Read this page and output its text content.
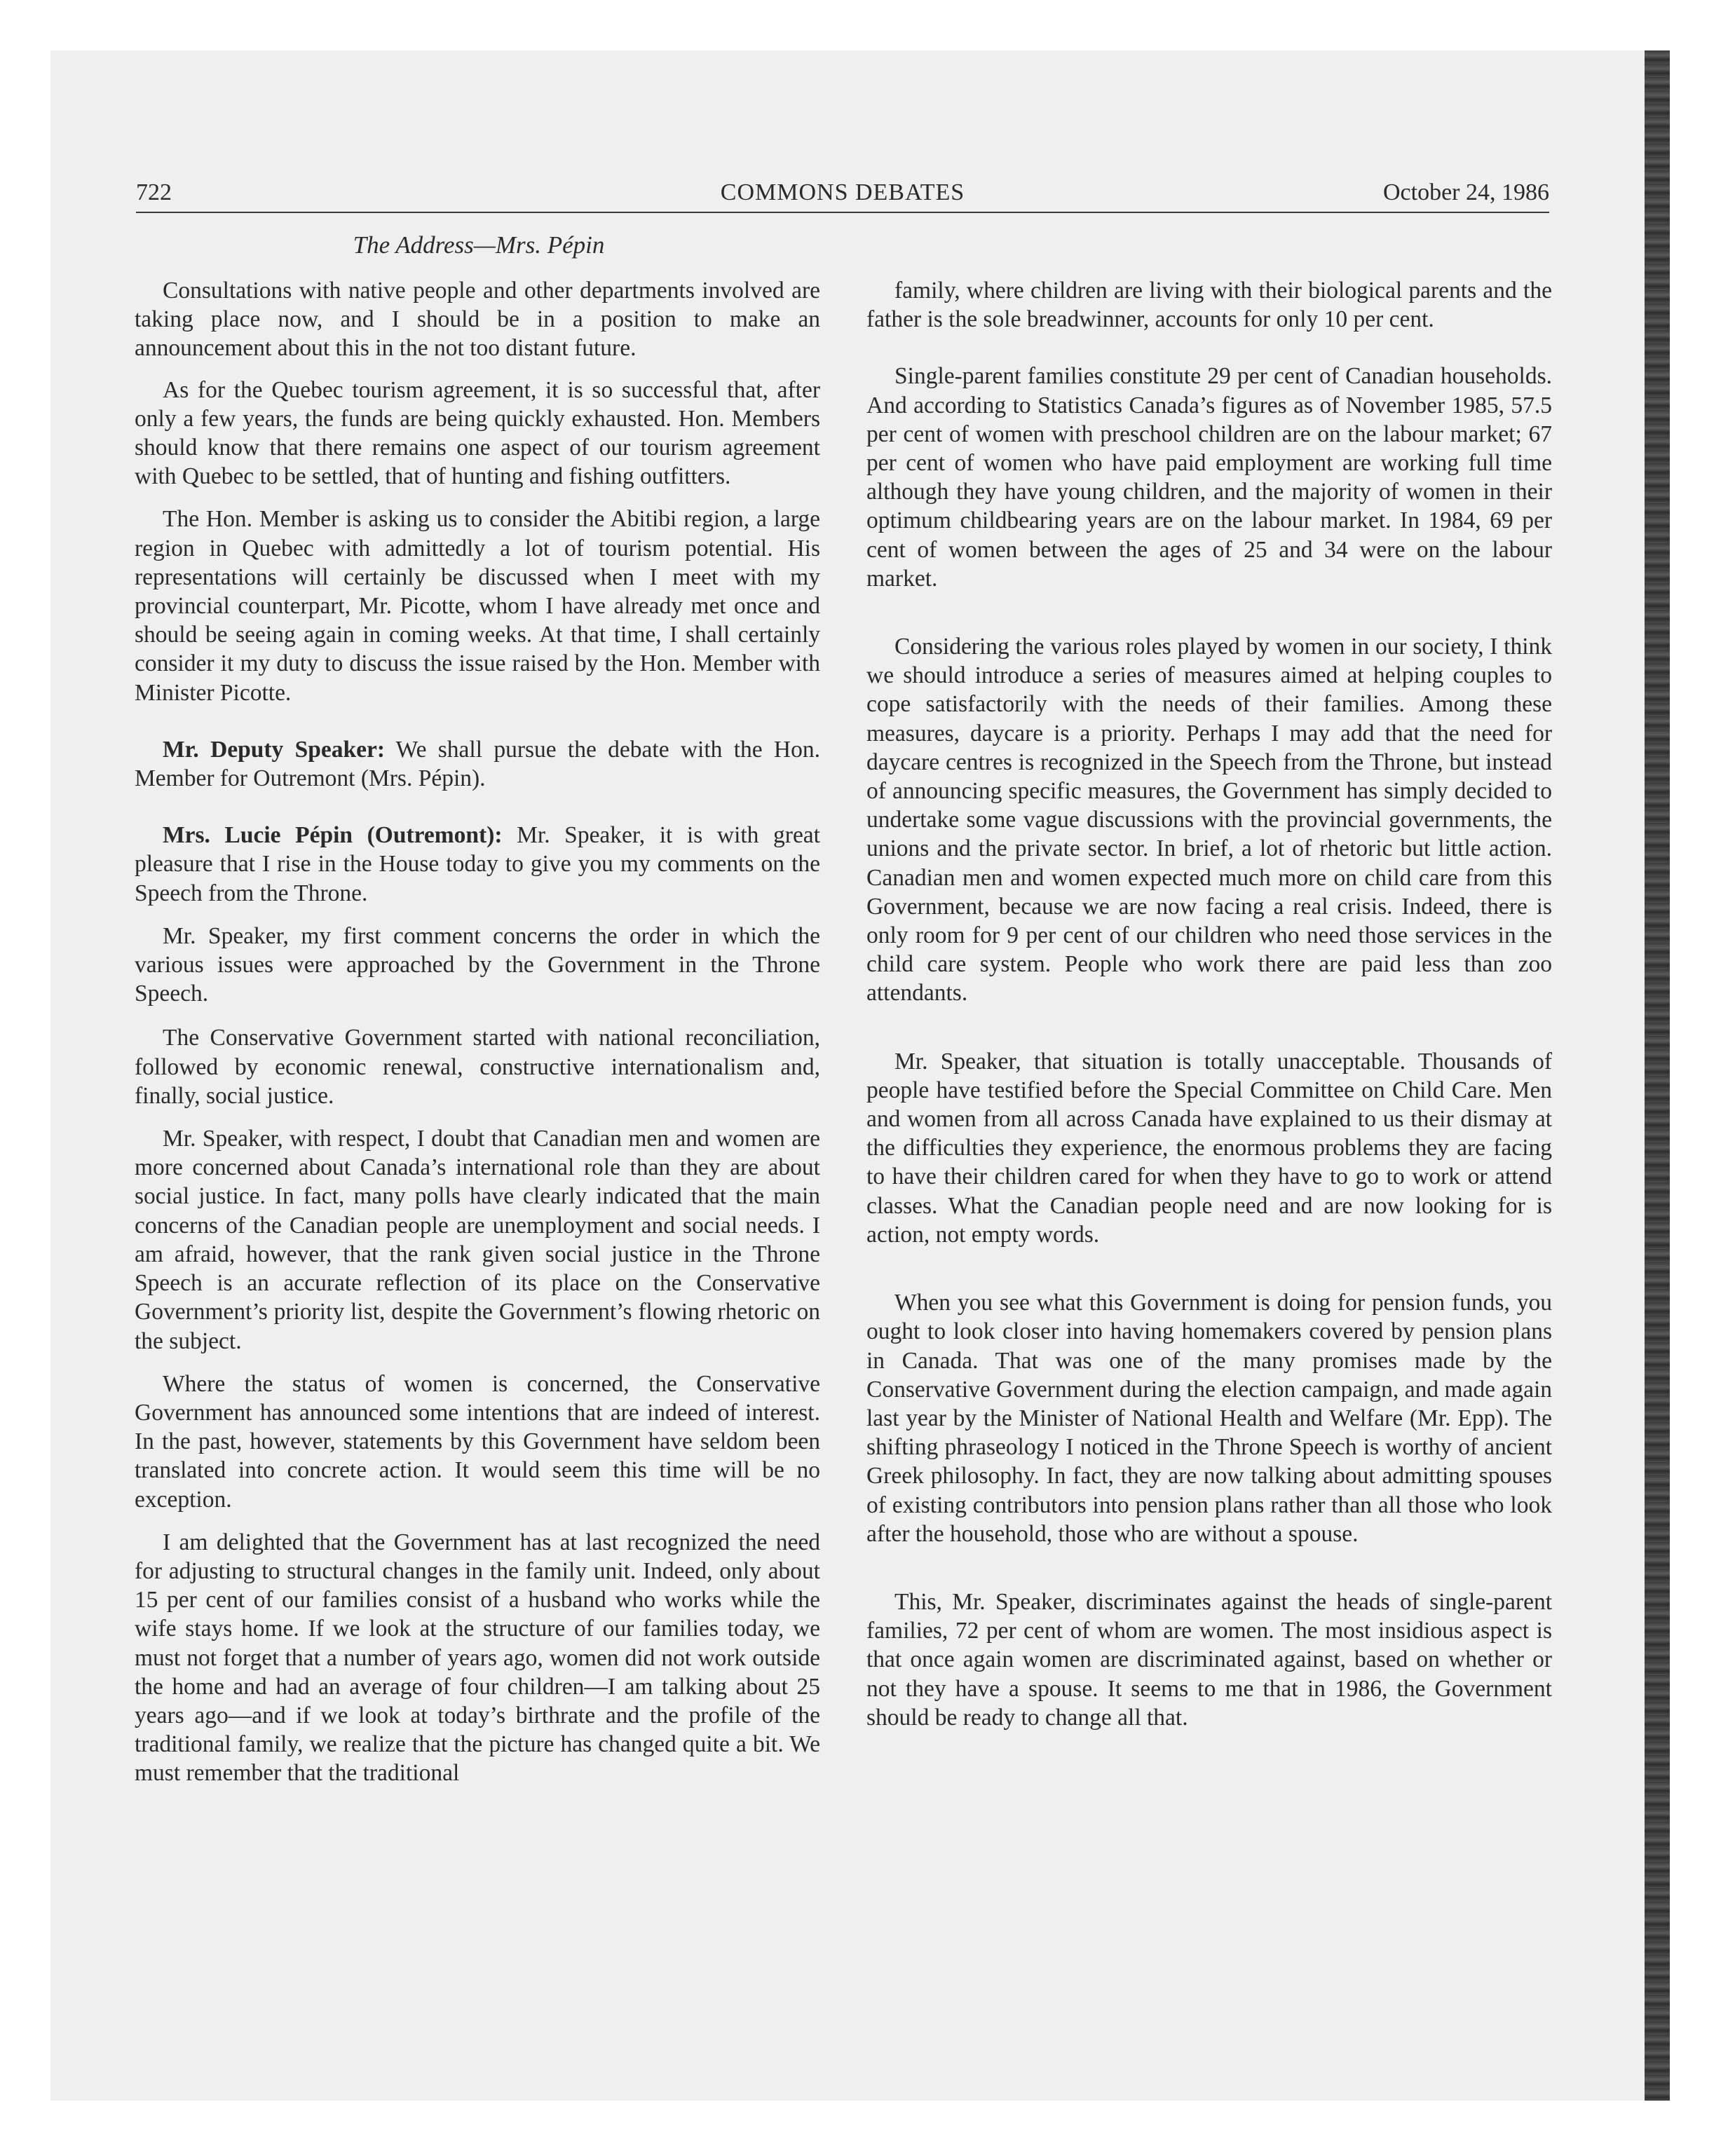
COMMONS DEBATES
722	October 24, 1986
The Address—Mrs. Pépin

Consultations with native people and other departments involved are taking place now, and I should be in a position to make an announcement about this in the not too distant future.

As for the Quebec tourism agreement, it is so successful that, after only a few years, the funds are being quickly exhausted. Hon. Members should know that there remains one aspect of our tourism agreement with Quebec to be settled, that of hunting and fishing outfitters.

The Hon. Member is asking us to consider the Abitibi region, a large region in Quebec with admittedly a lot of tourism potential. His representations will certainly be discussed when I meet with my provincial counterpart, Mr. Picotte, whom I have already met once and should be seeing again in coming weeks. At that time, I shall certainly consider it my duty to discuss the issue raised by the Hon. Member with Minister Picotte.

Mr. Deputy Speaker: We shall pursue the debate with the Hon. Member for Outremont (Mrs. Pépin).

Mrs. Lucie Pépin (Outremont): Mr. Speaker, it is with great pleasure that I rise in the House today to give you my comments on the Speech from the Throne.

Mr. Speaker, my first comment concerns the order in which the various issues were approached by the Government in the Throne Speech.

The Conservative Government started with national reconciliation, followed by economic renewal, constructive internationalism and, finally, social justice.

Mr. Speaker, with respect, I doubt that Canadian men and women are more concerned about Canada’s international role than they are about social justice. In fact, many polls have clearly indicated that the main concerns of the Canadian people are unemployment and social needs. I am afraid, however, that the rank given social justice in the Throne Speech is an accurate reflection of its place on the Conservative Government’s priority list, despite the Government’s flowing rhetoric on the subject.

Where the status of women is concerned, the Conservative Government has announced some intentions that are indeed of interest. In the past, however, statements by this Government have seldom been translated into concrete action. It would seem this time will be no exception.

I am delighted that the Government has at last recognized the need for adjusting to structural changes in the family unit. Indeed, only about 15 per cent of our families consist of a husband who works while the wife stays home. If we look at the structure of our families today, we must not forget that a number of years ago, women did not work outside the home and had an average of four children—I am talking about 25 years ago—and if we look at today’s birthrate and the profile of the traditional family, we realize that the picture has changed quite a bit. We must remember that the traditional

family, where children are living with their biological parents and the father is the sole breadwinner, accounts for only 10 per cent.

Single-parent families constitute 29 per cent of Canadian households. And according to Statistics Canada’s figures as of November 1985, 57.5 per cent of women with preschool children are on the labour market; 67 per cent of women who have paid employment are working full time although they have young children, and the majority of women in their optimum childbearing years are on the labour market. In 1984, 69 per cent of women between the ages of 25 and 34 were on the labour market.

Considering the various roles played by women in our society, I think we should introduce a series of measures aimed at helping couples to cope satisfactorily with the needs of their families. Among these measures, daycare is a priority. Perhaps I may add that the need for daycare centres is recognized in the Speech from the Throne, but instead of announcing specific measures, the Government has simply decided to undertake some vague discussions with the provincial governments, the unions and the private sector. In brief, a lot of rhetoric but little action. Canadian men and women expected much more on child care from this Government, because we are now facing a real crisis. Indeed, there is only room for 9 per cent of our children who need those services in the child care system. People who work there are paid less than zoo attendants.

Mr. Speaker, that situation is totally unacceptable. Thousands of people have testified before the Special Committee on Child Care. Men and women from all across Canada have explained to us their dismay at the difficulties they experience, the enormous problems they are facing to have their children cared for when they have to go to work or attend classes. What the Canadian people need and are now looking for is action, not empty words.

When you see what this Government is doing for pension funds, you ought to look closer into having homemakers covered by pension plans in Canada. That was one of the many promises made by the Conservative Government during the election campaign, and made again last year by the Minister of National Health and Welfare (Mr. Epp). The shifting phraseology I noticed in the Throne Speech is worthy of ancient Greek philosophy. In fact, they are now talking about admitting spouses of existing contributors into pension plans rather than all those who look after the household, those who are without a spouse.

This, Mr. Speaker, discriminates against the heads of single-parent families, 72 per cent of whom are women. The most insidious aspect is that once again women are discriminated against, based on whether or not they have a spouse. It seems to me that in 1986, the Government should be ready to change all that.
